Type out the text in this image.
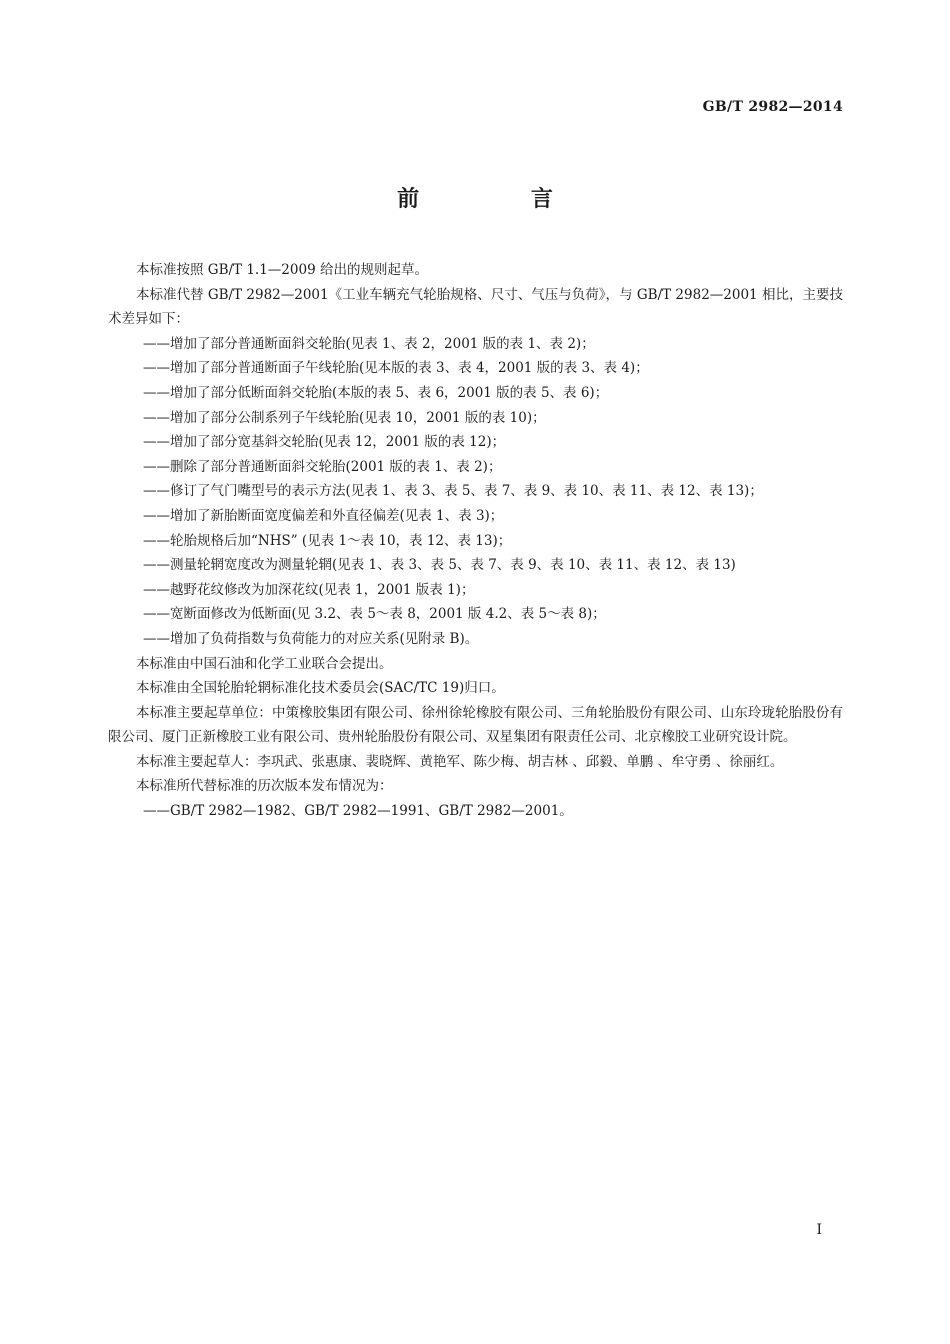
GB/T 2982—2014
前 言

本标准按照 GB/T 1.1—2009 给出的规则起草。

本标准代替 GB/T 2982—2001《工业车辆充气轮胎规格、尺寸、气压与负荷》，与 GB/T 2982—2001 相比，主要技术差异如下：

——增加了部分普通断面斜交轮胎(见表 1、表 2，2001 版的表 1、表 2)；

——增加了部分普通断面子午线轮胎(见本版的表 3、表 4，2001 版的表 3、表 4)；

——增加了部分低断面斜交轮胎(本版的表 5、表 6，2001 版的表 5、表 6)；

——增加了部分公制系列子午线轮胎(见表 10，2001 版的表 10)；

——增加了部分宽基斜交轮胎(见表 12，2001 版的表 12)；

——删除了部分普通断面斜交轮胎(2001 版的表 1、表 2)；

——修订了气门嘴型号的表示方法(见表 1、表 3、表 5、表 7、表 9、表 10、表 11、表 12、表 13)；

——增加了新胎断面宽度偏差和外直径偏差(见表 1、表 3)；

——轮胎规格后加“NHS” (见表 1～表 10，表 12、表 13)；

——测量轮辋宽度改为测量轮辋(见表 1、表 3、表 5、表 7、表 9、表 10、表 11、表 12、表 13)

——越野花纹修改为加深花纹(见表 1，2001 版表 1)；

——宽断面修改为低断面(见 3.2、表 5～表 8，2001 版 4.2、表 5～表 8)；

——增加了负荷指数与负荷能力的对应关系(见附录 B)。

本标准由中国石油和化学工业联合会提出。

本标准由全国轮胎轮辋标准化技术委员会(SAC/TC 19)归口。

本标准主要起草单位：中策橡胶集团有限公司、徐州徐轮橡胶有限公司、三角轮胎股份有限公司、山东玲珑轮胎股份有限公司、厦门正新橡胶工业有限公司、贵州轮胎股份有限公司、双星集团有限责任公司、北京橡胶工业研究设计院。

本标准主要起草人：李巩武、张惠康、裴晓辉、黄艳军、陈少梅、胡吉林 、邱毅、单鹏 、牟守勇 、徐丽红。

本标准所代替标准的历次版本发布情况为：

——GB/T 2982—1982、GB/T 2982—1991、GB/T 2982—2001。

I
